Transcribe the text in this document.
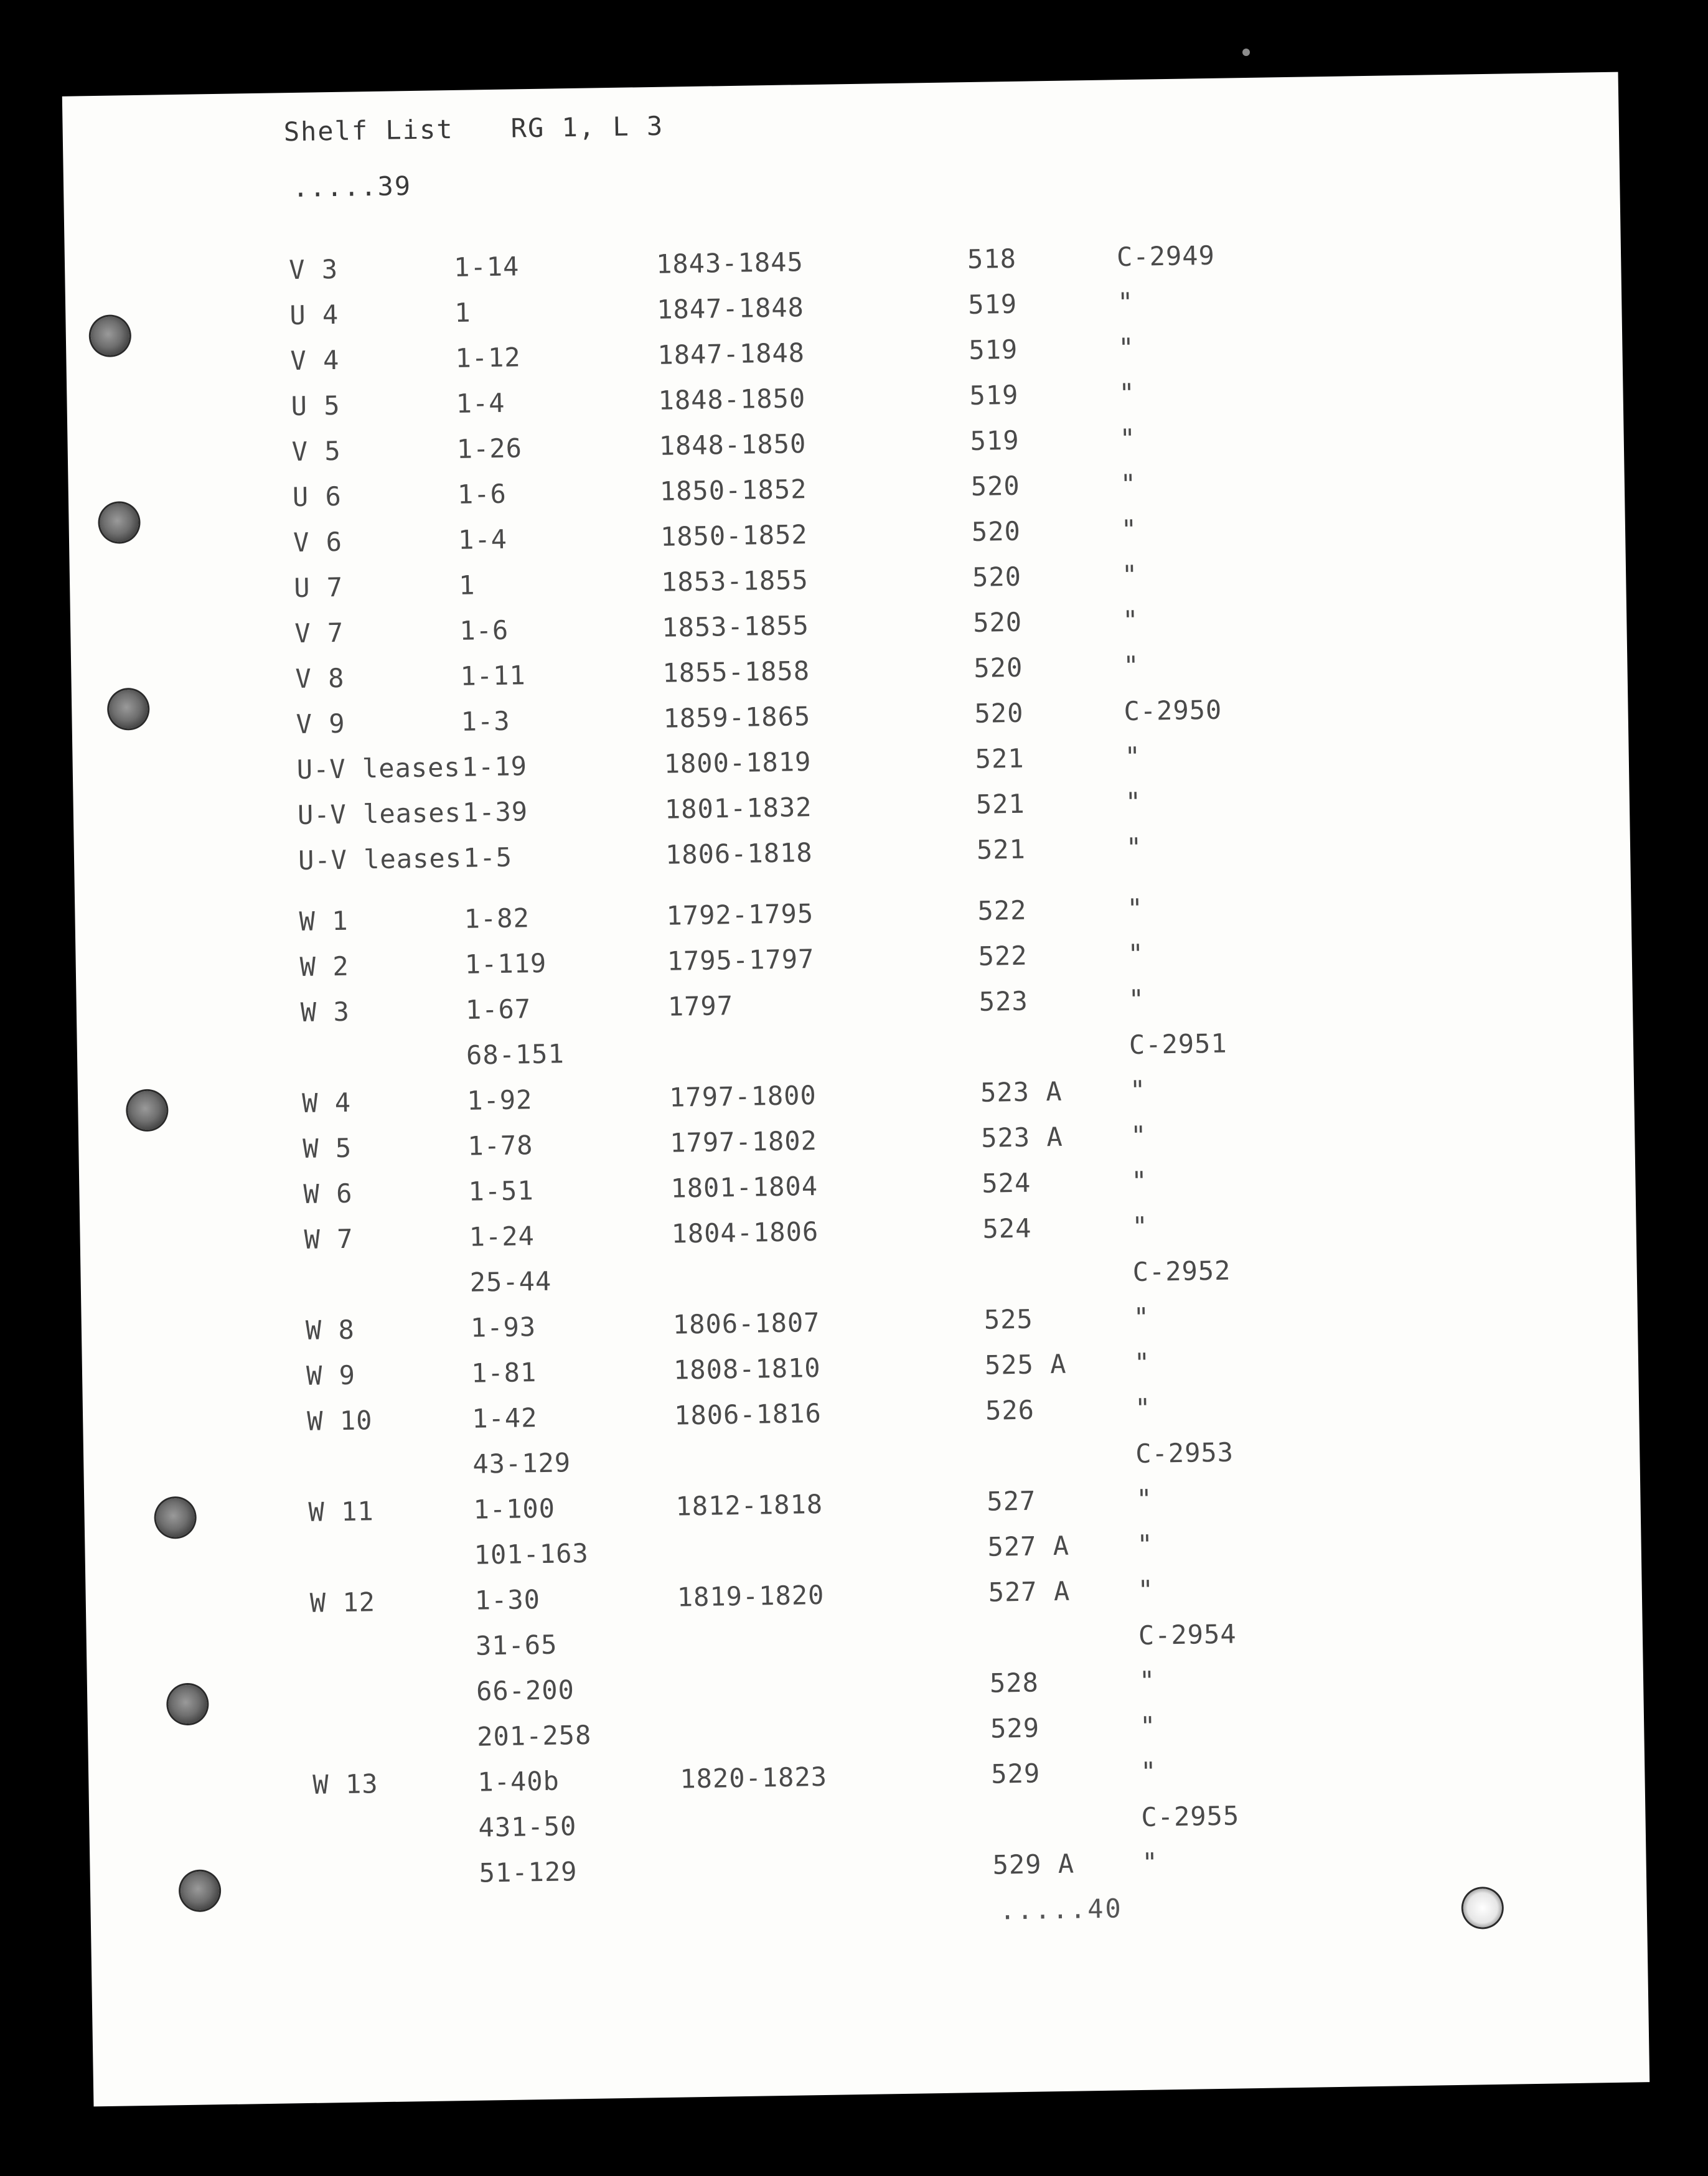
Shelf List RG 1, L 3
.....39
V 3	1-14	1843-1845	518	C-2949
U 4	1	1847-1848	519	"
V 4	1-12	1847-1848	519	"
U 5	1-4	1848-1850	519	"
V 5	1-26	1848-1850	519	"
U 6	1-6	1850-1852	520	"
V 6	1-4	1850-1852	520	"
U 7	1	1853-1855	520	"
V 7	1-6	1853-1855	520	"
V 8	1-11	1855-1858	520	"
V 9	1-3	1859-1865	520	C-2950
U-V leases 1-19	1800-1819	521	"
U-V leases 1-39	1801-1832	521	"
U-V leases 1-5	1806-1818	521	"
W 1	1-82	1792-1795	522	"
W 2	1-119	1795-1797	522	"
W 3	1-67	1797	523	"
68-151	C-2951
W 4	1-92	1797-1800	523 A	"
W 5	1-78	1797-1802	523 A	"
W 6	1-51	1801-1804	524	"
W 7	1-24	1804-1806	524	"
25-44	C-2952
W 8	1-93	1806-1807	525	"
W 9	1-81	1808-1810	525 A	"
W 10	1-42	1806-1816	526	"
43-129	C-2953
W 11	1-100	1812-1818	527	"
101-163	527 A	"
W 12	1-30	1819-1820	527 A	"
31-65	C-2954
66-200	528	"
201-258	529	"
W 13	1-40b	1820-1823	529	"
431-50	C-2955
51-129	529 A	"
.....40
